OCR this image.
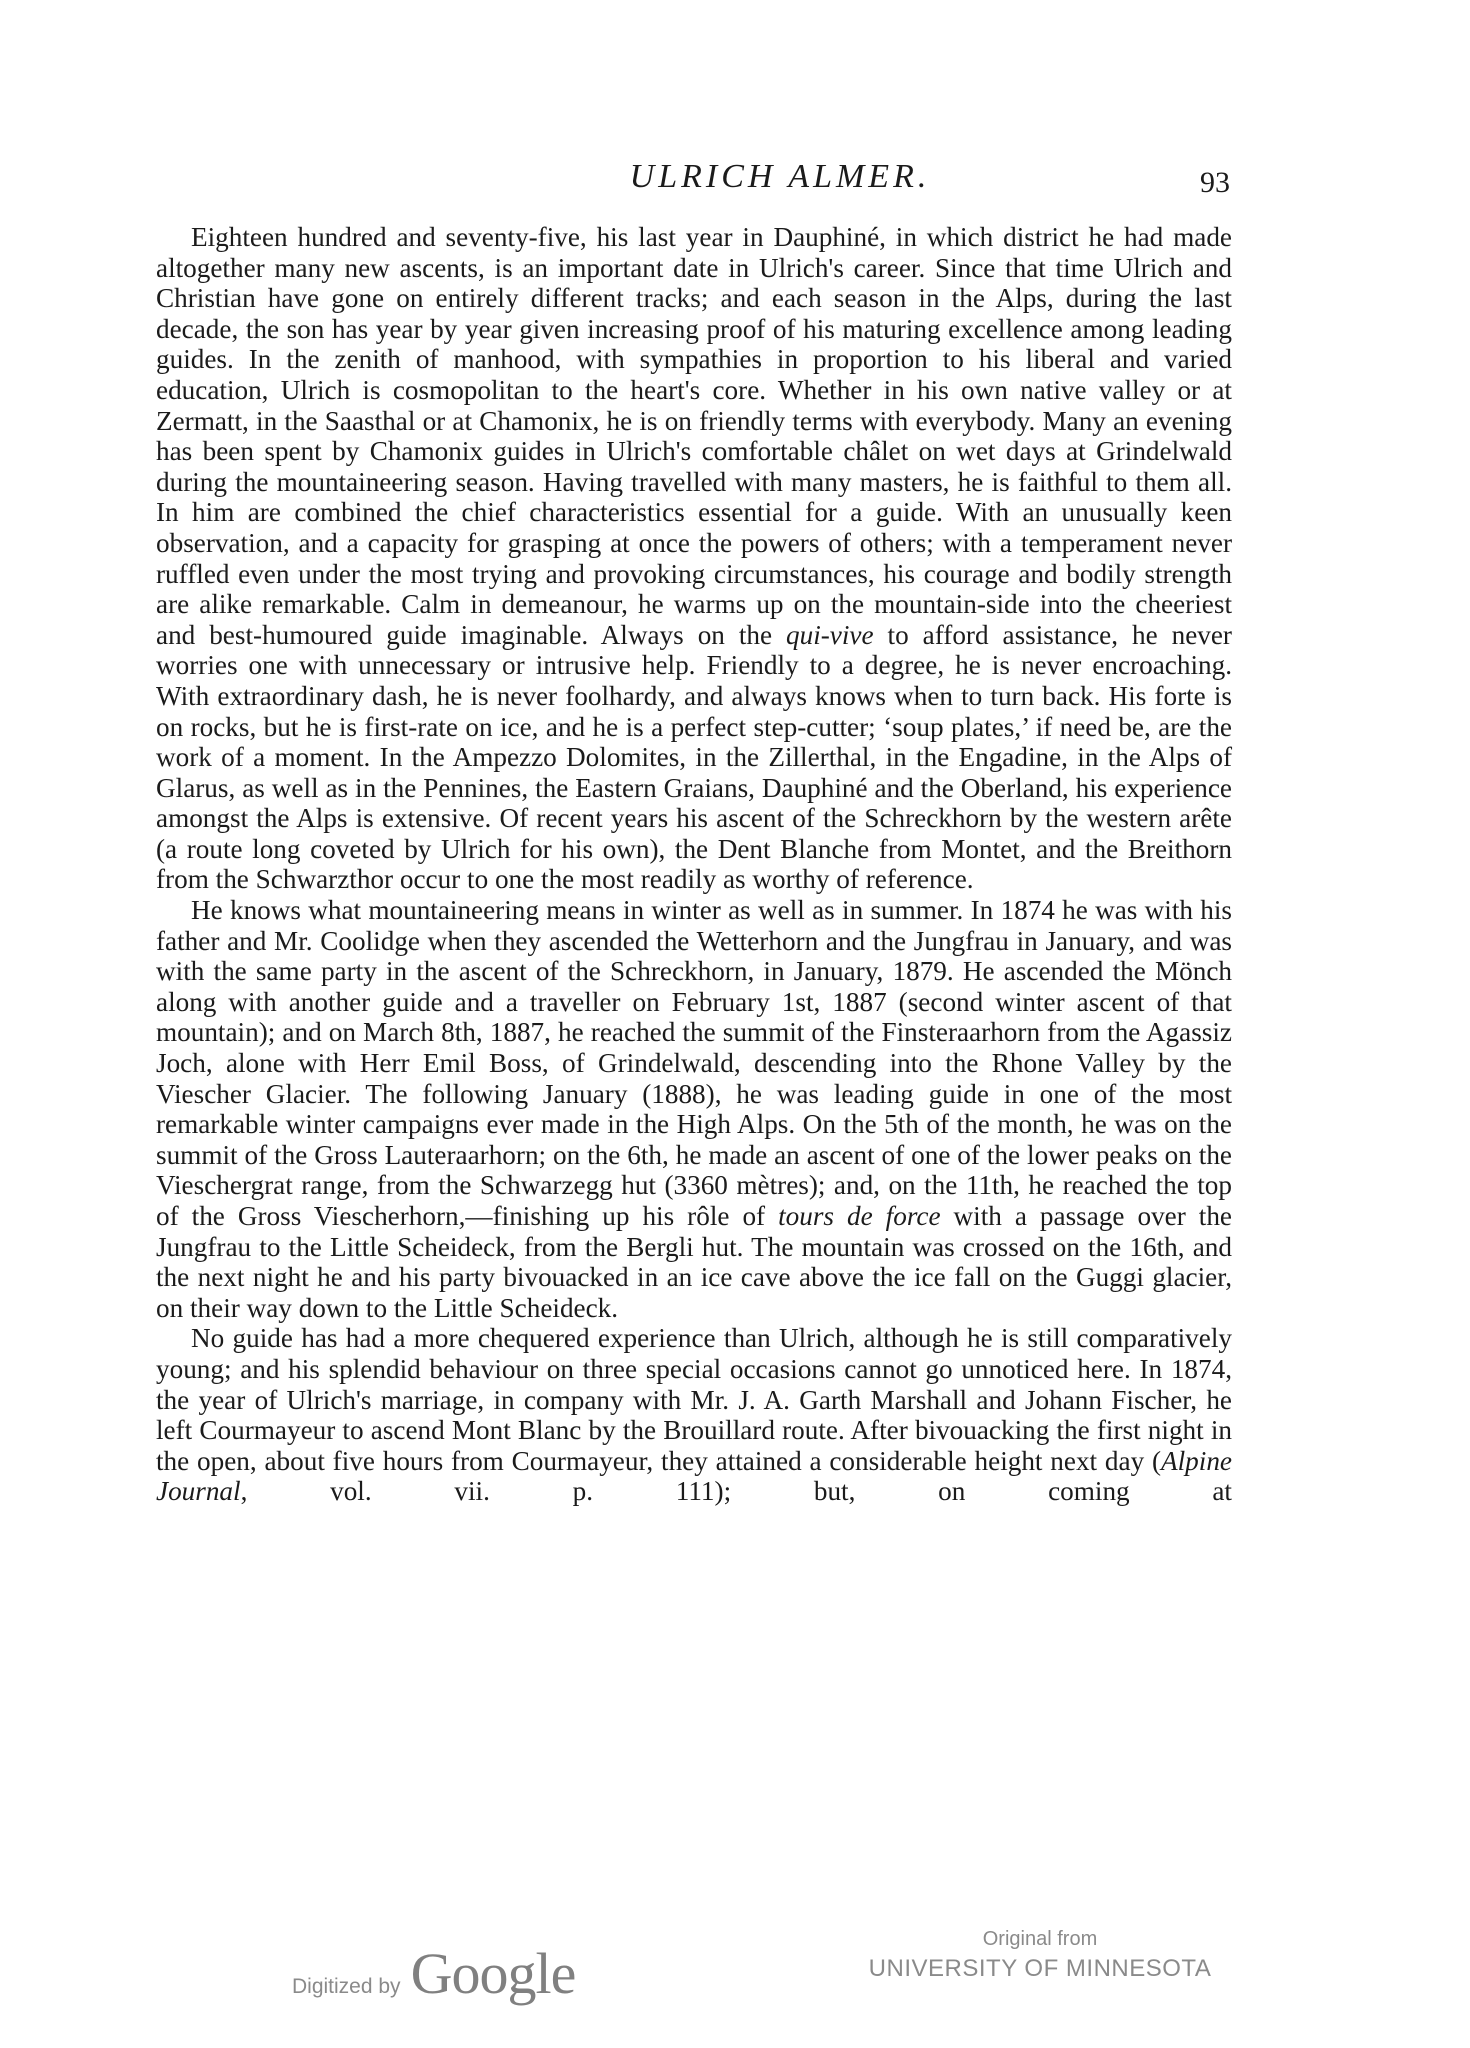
ULRICH ALMER.	93

Eighteen hundred and seventy-five, his last year in Dauphiné, in which district he had made altogether many new ascents, is an important date in Ulrich's career. Since that time Ulrich and Christian have gone on entirely different tracks; and each season in the Alps, during the last decade, the son has year by year given increasing proof of his maturing excellence among leading guides. In the zenith of manhood, with sympathies in proportion to his liberal and varied education, Ulrich is cosmopolitan to the heart's core. Whether in his own native valley or at Zermatt, in the Saasthal or at Chamonix, he is on friendly terms with everybody. Many an evening has been spent by Chamonix guides in Ulrich's comfortable châlet on wet days at Grindelwald during the mountaineering season. Having travelled with many masters, he is faithful to them all. In him are combined the chief characteristics essential for a guide. With an unusually keen observation, and a capacity for grasping at once the powers of others; with a temperament never ruffled even under the most trying and provoking circumstances, his courage and bodily strength are alike remarkable. Calm in demeanour, he warms up on the mountain-side into the cheeriest and best-humoured guide imaginable. Always on the qui-vive to afford assistance, he never worries one with unnecessary or intrusive help. Friendly to a degree, he is never encroaching. With extraordinary dash, he is never foolhardy, and always knows when to turn back. His forte is on rocks, but he is first-rate on ice, and he is a perfect step-cutter; ‘soup plates,’ if need be, are the work of a moment. In the Ampezzo Dolomites, in the Zillerthal, in the Engadine, in the Alps of Glarus, as well as in the Pennines, the Eastern Graians, Dauphiné and the Oberland, his experience amongst the Alps is extensive. Of recent years his ascent of the Schreckhorn by the western arête (a route long coveted by Ulrich for his own), the Dent Blanche from Montet, and the Breithorn from the Schwarzthor occur to one the most readily as worthy of reference.

He knows what mountaineering means in winter as well as in summer. In 1874 he was with his father and Mr. Coolidge when they ascended the Wetterhorn and the Jungfrau in January, and was with the same party in the ascent of the Schreckhorn, in January, 1879. He ascended the Mönch along with another guide and a traveller on February 1st, 1887 (second winter ascent of that mountain); and on March 8th, 1887, he reached the summit of the Finsteraarhorn from the Agassiz Joch, alone with Herr Emil Boss, of Grindelwald, descending into the Rhone Valley by the Viescher Glacier. The following January (1888), he was leading guide in one of the most remarkable winter campaigns ever made in the High Alps. On the 5th of the month, he was on the summit of the Gross Lauteraarhorn; on the 6th, he made an ascent of one of the lower peaks on the Vieschergrat range, from the Schwarzegg hut (3360 mètres); and, on the 11th, he reached the top of the Gross Viescherhorn,—finishing up his rôle of tours de force with a passage over the Jungfrau to the Little Scheideck, from the Bergli hut. The mountain was crossed on the 16th, and the next night he and his party bivouacked in an ice cave above the ice fall on the Guggi glacier, on their way down to the Little Scheideck.

No guide has had a more chequered experience than Ulrich, although he is still comparatively young; and his splendid behaviour on three special occasions cannot go unnoticed here. In 1874, the year of Ulrich's marriage, in company with Mr. J. A. Garth Marshall and Johann Fischer, he left Courmayeur to ascend Mont Blanc by the Brouillard route. After bivouacking the first night in the open, about five hours from Courmayeur, they attained a considerable height next day (Alpine Journal, vol. vii. p. 111); but, on coming at

Digitized by Google
Original from
UNIVERSITY OF MINNESOTA
